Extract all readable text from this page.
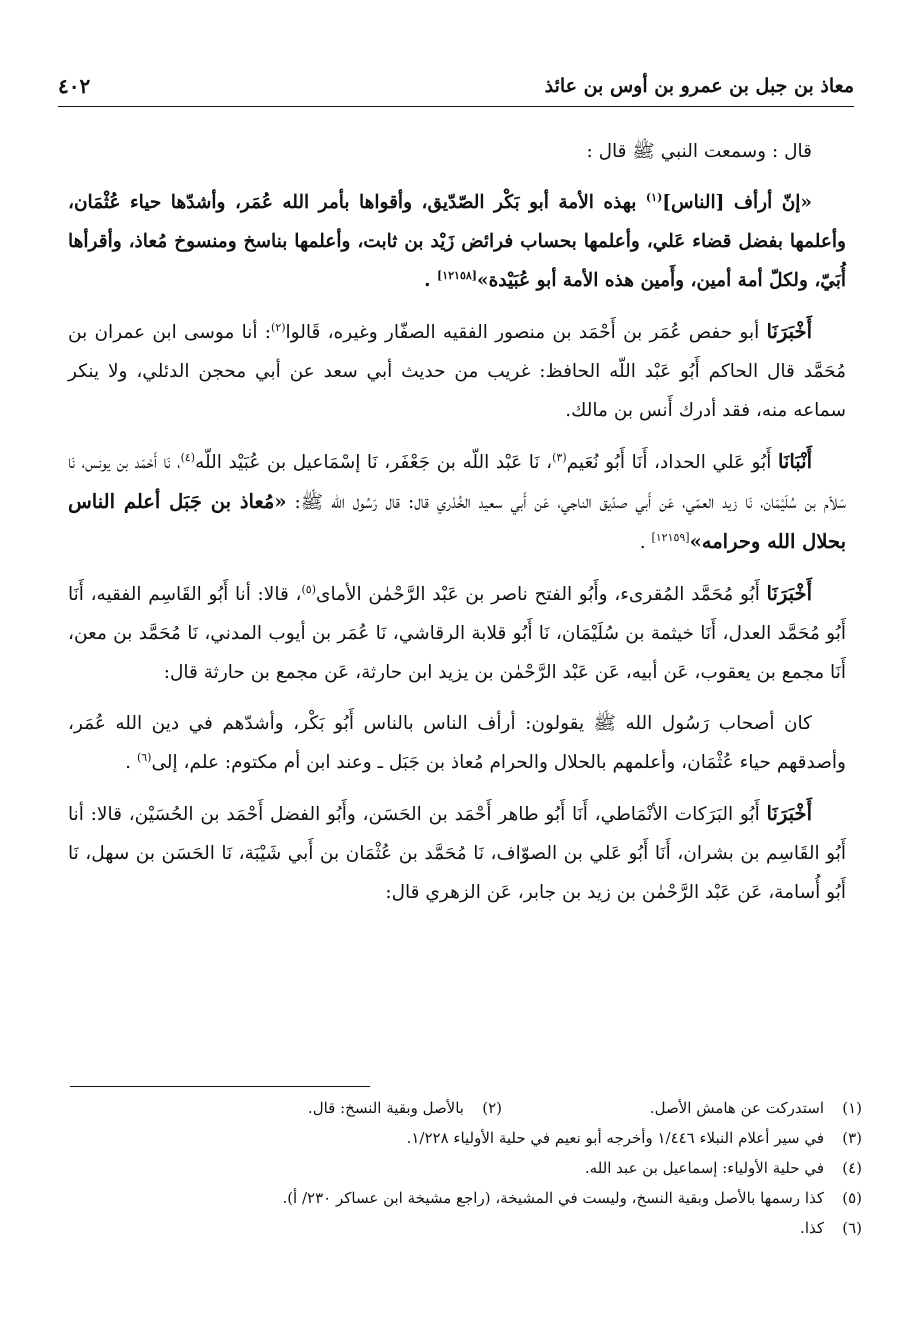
معاذ بن جبل بن عمرو بن أوس بن عائذ
٤٠٢

قال : وسمعت النبي ﷺ قال :

«إنّ أرأف [الناس]$^{(١)}$ بهذه الأمة أبو بَكْر الصّدّيق، وأقواها بأمر الله عُمَر، وأشدّها حياء عُثْمَان، وأعلمها بفضل قضاء عَلي، وأعلمها بحساب فرائض زَيْد بن ثابت، وأعلمها بناسخ ومنسوخ مُعاذ، وأقرأها أُبَيّ، ولكلّ أمة أمين، وأَمين هذه الأمة أبو عُبَيْدة»[١٢١٥٨] .

أَخْبَرَنَا أبو حفص عُمَر بن أَحْمَد بن منصور الفقيه الصفّار وغيره، قَالوا$^{(٢)}$: أنا موسى ابن عمران بن مُحَمَّد قال الحاكم أَبُو عَبْد اللّه الحافظ: غريب من حديث أبي سعد عن أبي محجن الدئلي، ولا ينكر سماعه منه، فقد أدرك أَنس بن مالك.

أَنْبَانَا أَبُو عَلي الحداد، أَنَا أَبُو نُعَيم$^{(٣)}$، نَا عَبْد اللّه بن جَعْفَر، نَا إسْمَاعيل بن عُبَيْد اللّه$^{(٤)}$، نَا أَحْمَد بن يونس، نَا سَلاّم بن سُلَيْمَان، نَا زيد العمّي، عَن أَبي صدّيق الناجي، عَن أَبي سعيد الخُدْري قال: قال رَسُول الله ﷺ: «مُعاذ بن جَبَل أعلم الناس بحلال الله وحرامه»[١٢١٥٩] .

أَخْبَرَنَا أَبُو مُحَمَّد المُقرىء، وأَبُو الفتح ناصر بن عَبْد الرَّحْمٰن الأماى$^{(٥)}$، قالا: أنا أَبُو القَاسِم الفقيه، أَنَا أَبُو مُحَمَّد العدل، أَنَا خيثمة بن سُلَيْمَان، نَا أَبُو قلابة الرقاشي، نَا عُمَر بن أيوب المدني، نَا مُحَمَّد بن معن، أَنَا مجمع بن يعقوب، عَن أبيه، عَن عَبْد الرَّحْمٰن بن يزيد ابن حارثة، عَن مجمع بن حارثة قال:

كان أصحاب رَسُول الله ﷺ يقولون: أرأف الناس بالناس أَبُو بَكْر، وأشدّهم في دين الله عُمَر، وأصدقهم حياء عُثْمَان، وأعلمهم بالحلال والحرام مُعاذ بن جَبَل ـ وعند ابن أم مكتوم: علم، إلى$^{(٦)}$ .

أَخْبَرَنَا أَبُو البَرَكات الأنْمَاطي، أَنَا أَبُو طاهر أَحْمَد بن الحَسَن، وأَبُو الفضل أَحْمَد بن الحُسَيْن، قالا: أنا أَبُو القَاسِم بن بشران، أَنَا أَبُو عَلي بن الصوّاف، نَا مُحَمَّد بن عُثْمَان بن أَبي شَيْبَة، نَا الحَسَن بن سهل، نَا أَبُو أُسامة، عَن عَبْد الرَّحْمٰن بن زيد بن جابر، عَن الزهري قال:

(١)
استدركت عن هامش الأصل.
(٢)
بالأصل وبقية النسخ: قال.
(٣)
في سير أعلام النبلاء ١/٤٤٦ وأخرجه أبو نعيم في حلية الأولياء ١/٢٢٨.
(٤)
في حلية الأولياء: إسماعيل بن عبد الله.
(٥)
كذا رسمها بالأصل وبقية النسخ، وليست في المشيخة، (راجع مشيخة ابن عساكر ٢٣٠/ أ).
(٦)
كذا.
